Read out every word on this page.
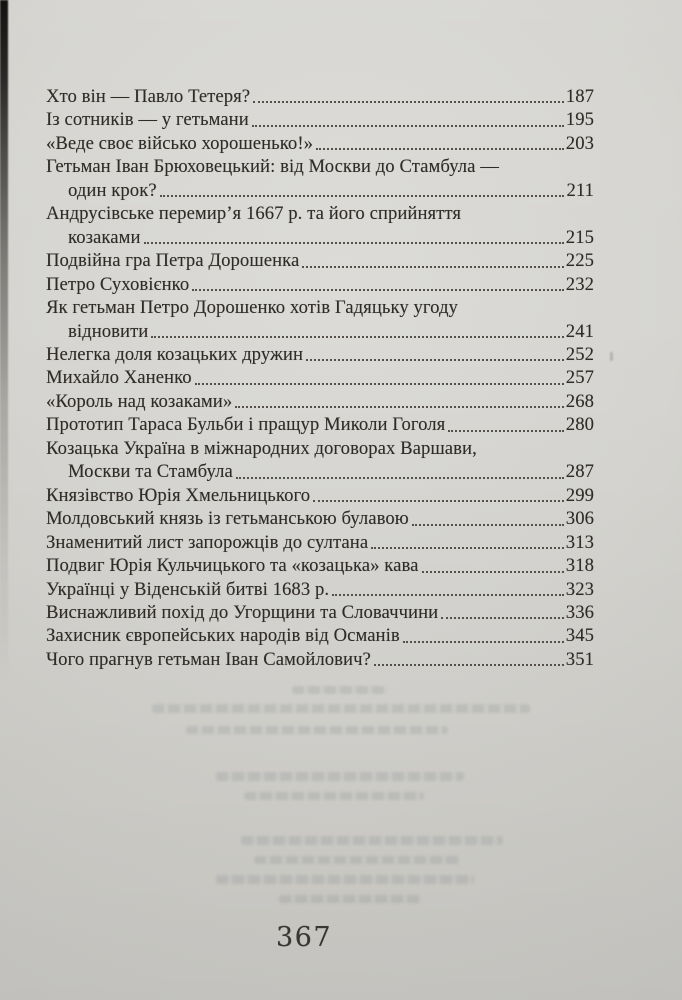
Хто він — Павло Тетеря?	187
Із сотників — у гетьмани	195
«Веде своє військо хорошенько!»	203
Гетьман Іван Брюховецький: від Москви до Стамбула —
один крок?	211
Андрусівське перемир’я 1667 р. та його сприйняття
козаками	215
Подвійна гра Петра Дорошенка	225
Петро Суховієнко	232
Як гетьман Петро Дорошенко хотів Гадяцьку угоду
відновити	241
Нелегка доля козацьких дружин	252
Михайло Ханенко	257
«Король над козаками»	268
Прототип Тараса Бульби і пращур Миколи Гоголя	280
Козацька Україна в міжнародних договорах Варшави,
Москви та Стамбула	287
Князівство Юрія Хмельницького	299
Молдовський князь із гетьманською булавою	306
Знаменитий лист запорожців до султана	313
Подвиг Юрія Кульчицького та «козацька» кава	318
Українці у Віденській битві 1683 р.	323
Виснажливий похід до Угорщини та Словаччини	336
Захисник європейських народів від Османів	345
Чого прагнув гетьман Іван Самойлович?	351
367
